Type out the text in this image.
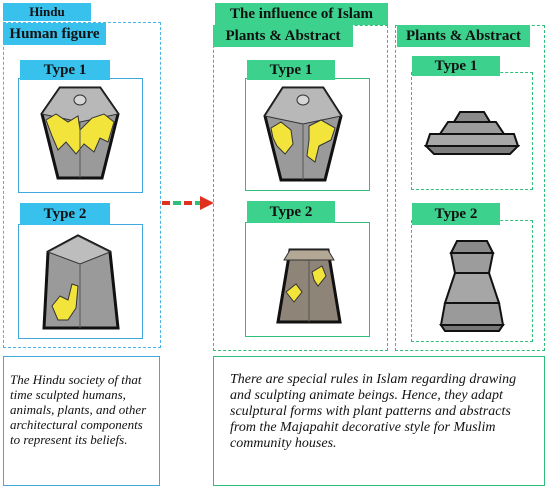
Hindu
Human figure
Type 1
Type 2
The Hindu society of that time sculpted humans, animals, plants, and other architectural components to represent its beliefs.
The influence of Islam
Plants & Abstract
Type 1
Type 2
Plants & Abstract
Type 1
Type 2
There are special rules in Islam regarding drawing and sculpting animate beings. Hence, they adapt sculptural forms with plant patterns and abstracts from the Majapahit decorative style for Muslim community houses.
